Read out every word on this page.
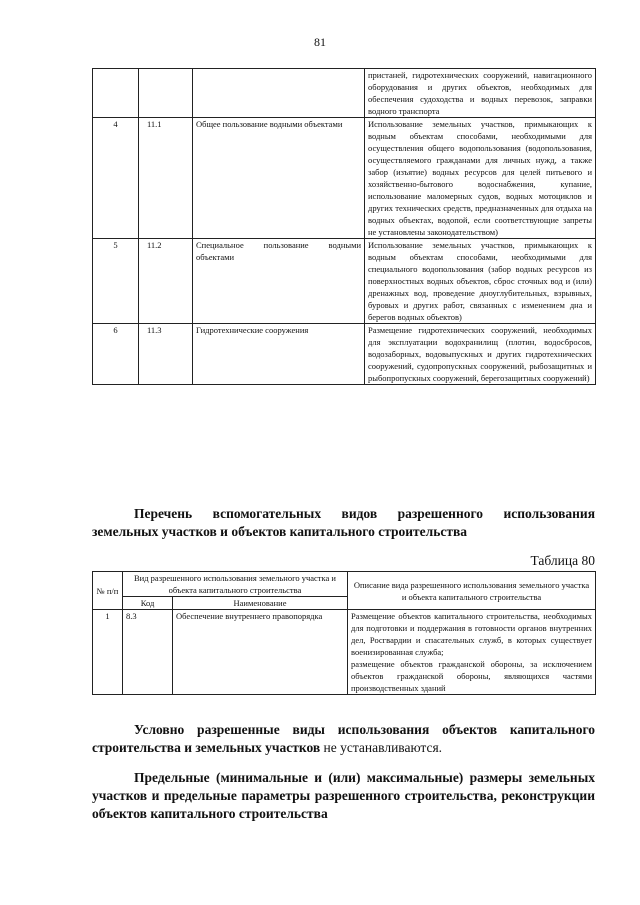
81
			пристаней, гидротехнических сооружений, навигационного оборудования и других объектов, необходимых для обеспечения судоходства и водных перевозок, заправки водного транспорта
4	11.1	Общее пользование водными объектами	Использование земельных участков, примыкающих к водным объектам способами, необходимыми для осуществления общего водопользования (водопользования, осуществляемого гражданами для личных нужд, а также забор (изъятие) водных ресурсов для целей питьевого и хозяйственно-бытового водоснабжения, купание, использование маломерных судов, водных мотоциклов и других технических средств, предназначенных для отдыха на водных объектах, водопой, если соответствующие запреты не установлены законодательством)
5	11.2	Специальное пользование водными объектами	Использование земельных участков, примыкающих к водным объектам способами, необходимыми для специального водопользования (забор водных ресурсов из поверхностных водных объектов, сброс сточных вод и (или) дренажных вод, проведение дноуглубительных, взрывных, буровых и других работ, связанных с изменением дна и берегов водных объектов)
6	11.3	Гидротехнические сооружения	Размещение гидротехнических сооружений, необходимых для эксплуатации водохранилищ (плотин, водосбросов, водозаборных, водовыпускных и других гидротехнических сооружений, судопропускных сооружений, рыбозащитных и рыбопропускных сооружений, берегозащитных сооружений)
Перечень вспомогательных видов разрешенного использования земельных участков и объектов капитального строительства
Таблица 80
№ п/п	Вид разрешенного использования земельного участка и объекта капитального строительства		Описание вида разрешенного использования земельного участка и объекта капитального строительства
	Код	Наименование	
1	8.3	Обеспечение внутреннего правопорядка	Размещение объектов капитального строительства, необходимых для подготовки и поддержания в готовности органов внутренних дел, Росгвардии и спасательных служб, в которых существует военизированная служба;
размещение объектов гражданской обороны, за исключением объектов гражданской обороны, являющихся частями производственных зданий
Условно разрешенные виды использования объектов капитального строительства и земельных участков не устанавливаются.
Предельные (минимальные и (или) максимальные) размеры земельных участков и предельные параметры разрешенного строительства, реконструкции объектов капитального строительства
